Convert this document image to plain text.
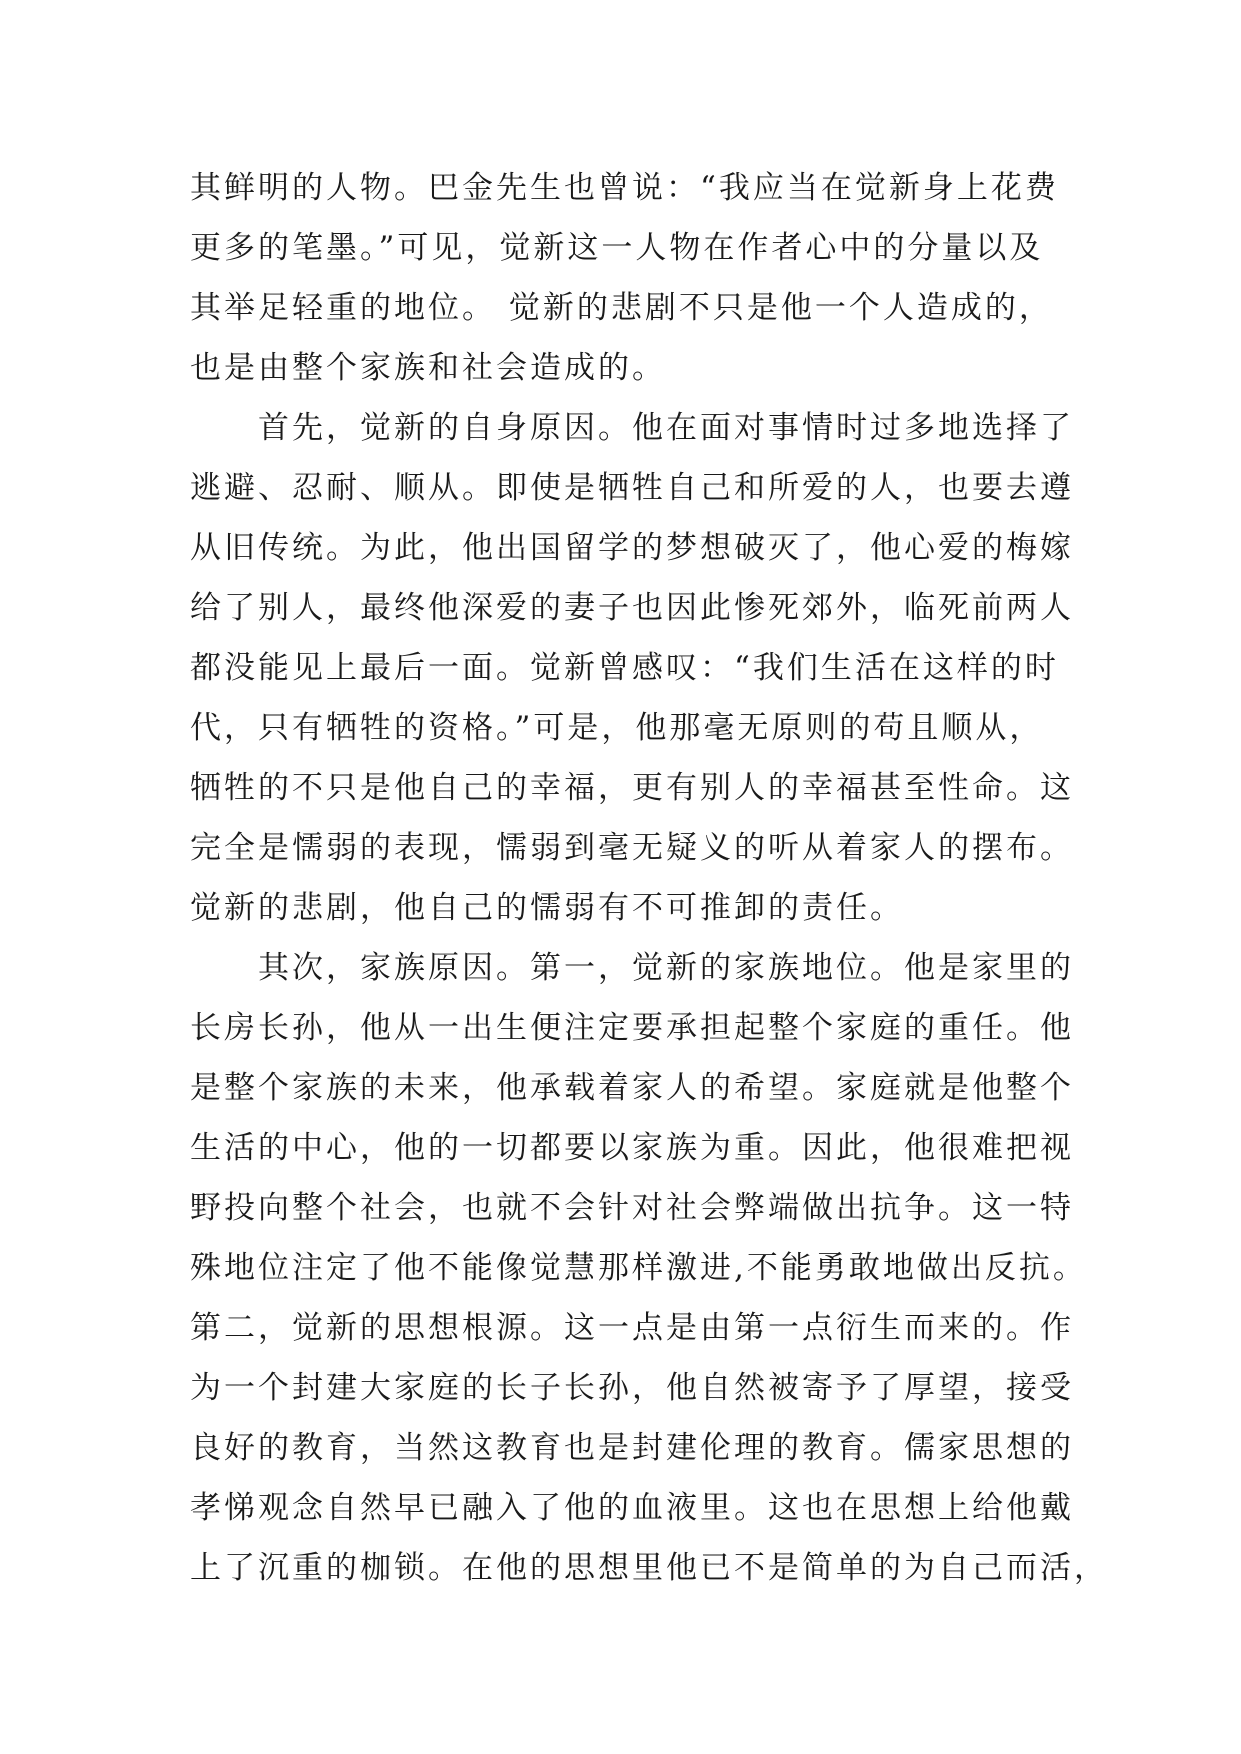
其鲜明的人物。巴金先生也曾说：“我应当在觉新身上花费
更多的笔墨。”可见，觉新这一人物在作者心中的分量以及
其举足轻重的地位。 觉新的悲剧不只是他一个人造成的，
也是由整个家族和社会造成的。
首先，觉新的自身原因。他在面对事情时过多地选择了
逃避、忍耐、顺从。即使是牺牲自己和所爱的人，也要去遵
从旧传统。为此，他出国留学的梦想破灭了，他心爱的梅嫁
给了别人，最终他深爱的妻子也因此惨死郊外，临死前两人
都没能见上最后一面。觉新曾感叹：“我们生活在这样的时
代，只有牺牲的资格。”可是，他那毫无原则的苟且顺从，
牺牲的不只是他自己的幸福，更有别人的幸福甚至性命。这
完全是懦弱的表现，懦弱到毫无疑义的听从着家人的摆布。
觉新的悲剧，他自己的懦弱有不可推卸的责任。
其次，家族原因。第一，觉新的家族地位。他是家里的
长房长孙，他从一出生便注定要承担起整个家庭的重任。他
是整个家族的未来，他承载着家人的希望。家庭就是他整个
生活的中心，他的一切都要以家族为重。因此，他很难把视
野投向整个社会，也就不会针对社会弊端做出抗争。这一特
殊地位注定了他不能像觉慧那样激进,不能勇敢地做出反抗。
第二，觉新的思想根源。这一点是由第一点衍生而来的。作
为一个封建大家庭的长子长孙，他自然被寄予了厚望，接受
良好的教育，当然这教育也是封建伦理的教育。儒家思想的
孝悌观念自然早已融入了他的血液里。这也在思想上给他戴
上了沉重的枷锁。在他的思想里他已不是简单的为自己而活，
